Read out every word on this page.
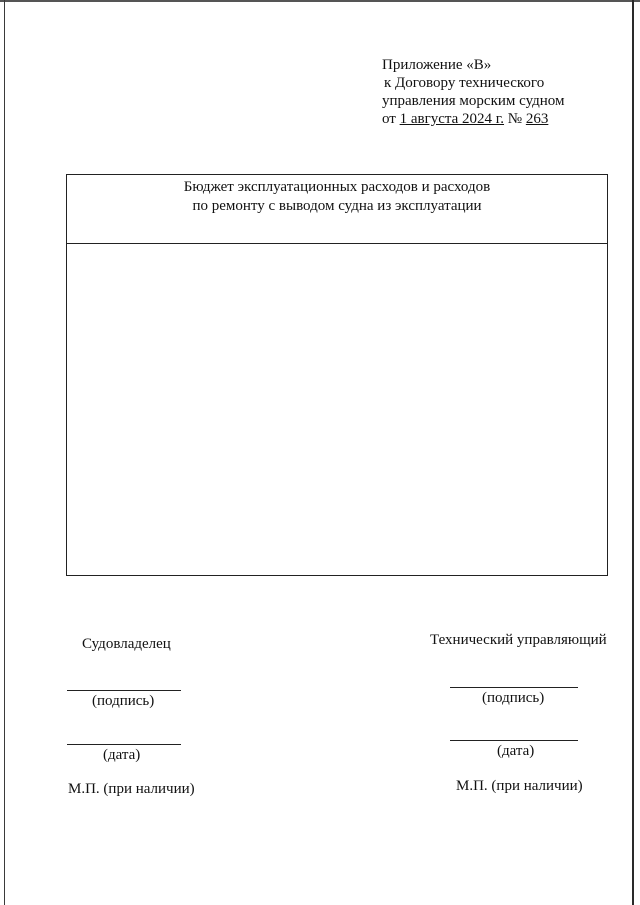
Приложение «В»
к Договору технического
управления морским судном
от 1 августа 2024 г. № 263
Бюджет эксплуатационных расходов и расходов
по ремонту с выводом судна из эксплуатации
Судовладелец	Технический управляющий
(подпись)	(подпись)
(дата)	(дата)
М.П. (при наличии)	М.П. (при наличии)
